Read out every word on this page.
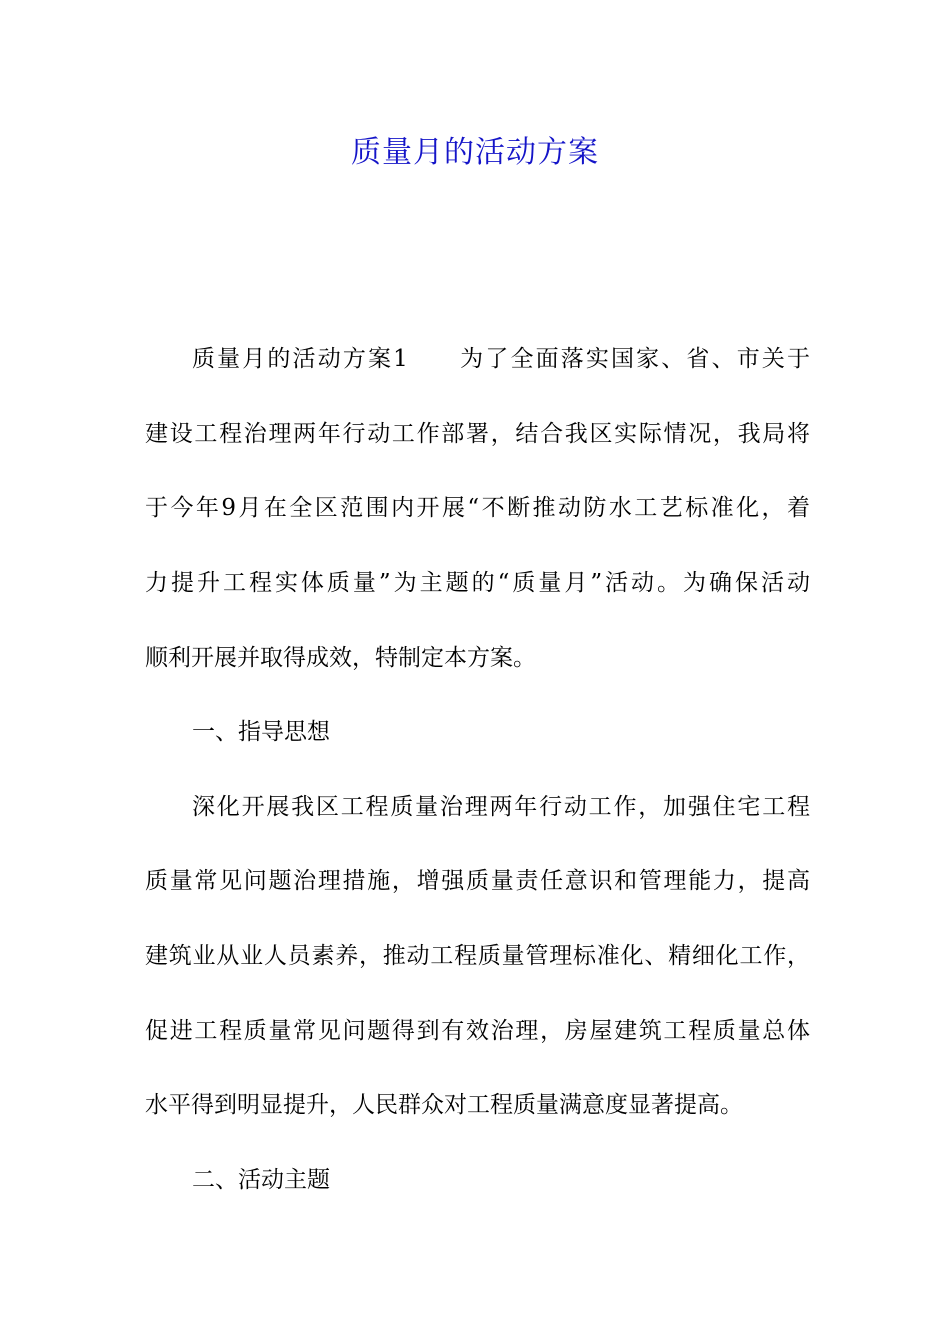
质量月的活动方案
质量月的活动方案1　　为了全面落实国家、省、市关于
建设工程治理两年行动工作部署，结合我区实际情况，我局将
于今年9月在全区范围内开展“不断推动防水工艺标准化，着
力提升工程实体质量”为主题的“质量月”活动。为确保活动
顺利开展并取得成效，特制定本方案。
一、指导思想
深化开展我区工程质量治理两年行动工作，加强住宅工程
质量常见问题治理措施，增强质量责任意识和管理能力，提高
建筑业从业人员素养，推动工程质量管理标准化、精细化工作，
促进工程质量常见问题得到有效治理，房屋建筑工程质量总体
水平得到明显提升，人民群众对工程质量满意度显著提高。
二、活动主题
